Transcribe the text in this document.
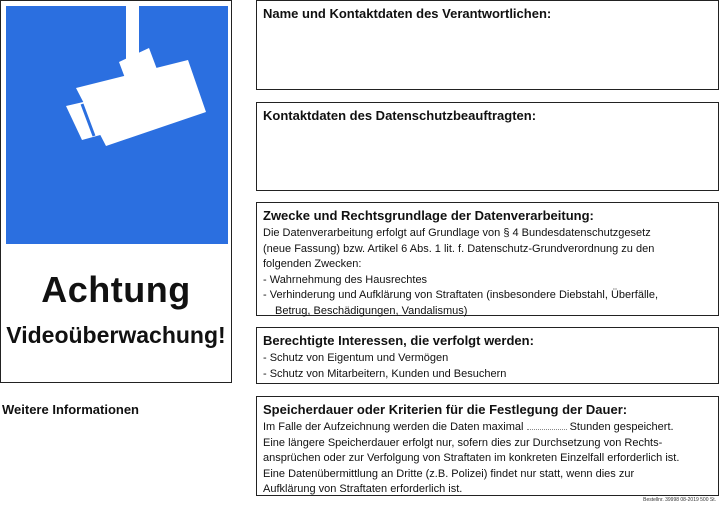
Achtung
Videoüberwachung!
Weitere Informationen
Name und Kontaktdaten des Verantwortlichen:
Kontaktdaten des Datenschutzbeauftragten:
Zwecke und Rechtsgrundlage der Datenverarbeitung:
Die Datenverarbeitung erfolgt auf Grundlage von § 4 Bundesdatenschutzgesetz
(neue Fassung) bzw. Artikel 6 Abs. 1 lit. f. Datenschutz-Grundverordnung zu den
folgenden Zwecken:
- Wahrnehmung des Hausrechtes
- Verhinderung und Aufklärung von Straftaten (insbesondere Diebstahl, Überfälle,
Betrug, Beschädigungen, Vandalismus)
Berechtigte Interessen, die verfolgt werden:
- Schutz von Eigentum und Vermögen
- Schutz von Mitarbeitern, Kunden und Besuchern
Speicherdauer oder Kriterien für die Festlegung der Dauer:
Im Falle der Aufzeichnung werden die Daten maximal	Stunden gespeichert.
Eine längere Speicherdauer erfolgt nur, sofern dies zur Durchsetzung von Rechts-
ansprüchen oder zur Verfolgung von Straftaten im konkreten Einzelfall erforderlich ist.
Eine Datenübermittlung an Dritte (z.B. Polizei) findet nur statt, wenn dies zur
Aufklärung von Straftaten erforderlich ist.
Bestellnr. 39998 08-2019 500 St.
